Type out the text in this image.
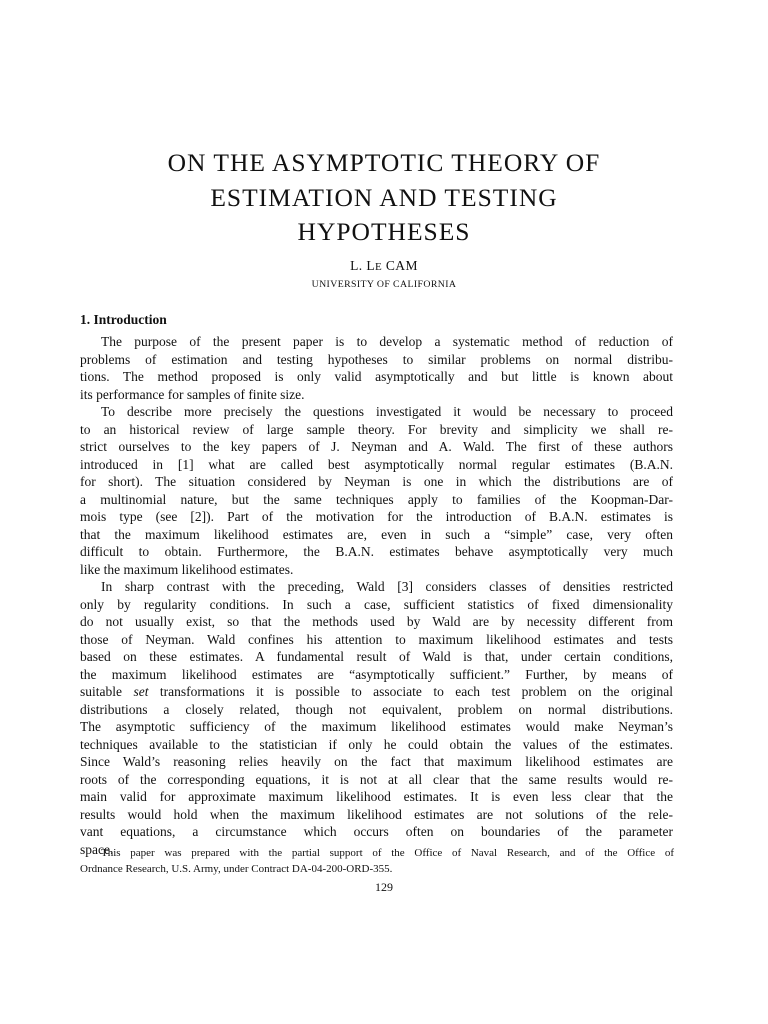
ON THE ASYMPTOTIC THEORY OF
ESTIMATION AND TESTING
HYPOTHESES
L. LE CAM
UNIVERSITY OF CALIFORNIA
1. Introduction
The purpose of the present paper is to develop a systematic method of reduction of
problems of estimation and testing hypotheses to similar problems on normal distribu-
tions. The method proposed is only valid asymptotically and but little is known about
its performance for samples of finite size.
To describe more precisely the questions investigated it would be necessary to proceed
to an historical review of large sample theory. For brevity and simplicity we shall re-
strict ourselves to the key papers of J. Neyman and A. Wald. The first of these authors
introduced in [1] what are called best asymptotically normal regular estimates (B.A.N.
for short). The situation considered by Neyman is one in which the distributions are of
a multinomial nature, but the same techniques apply to families of the Koopman-Dar-
mois type (see [2]). Part of the motivation for the introduction of B.A.N. estimates is
that the maximum likelihood estimates are, even in such a “simple” case, very often
difficult to obtain. Furthermore, the B.A.N. estimates behave asymptotically very much
like the maximum likelihood estimates.
In sharp contrast with the preceding, Wald [3] considers classes of densities restricted
only by regularity conditions. In such a case, sufficient statistics of fixed dimensionality
do not usually exist, so that the methods used by Wald are by necessity different from
those of Neyman. Wald confines his attention to maximum likelihood estimates and tests
based on these estimates. A fundamental result of Wald is that, under certain conditions,
the maximum likelihood estimates are “asymptotically sufficient.” Further, by means of
suitable set transformations it is possible to associate to each test problem on the original
distributions a closely related, though not equivalent, problem on normal distributions.
The asymptotic sufficiency of the maximum likelihood estimates would make Neyman’s
techniques available to the statistician if only he could obtain the values of the estimates.
Since Wald’s reasoning relies heavily on the fact that maximum likelihood estimates are
roots of the corresponding equations, it is not at all clear that the same results would re-
main valid for approximate maximum likelihood estimates. It is even less clear that the
results would hold when the maximum likelihood estimates are not solutions of the rele-
vant equations, a circumstance which occurs often on boundaries of the parameter
space.
This paper was prepared with the partial support of the Office of Naval Research, and of the Office of
Ordnance Research, U.S. Army, under Contract DA-04-200-ORD-355.
129
